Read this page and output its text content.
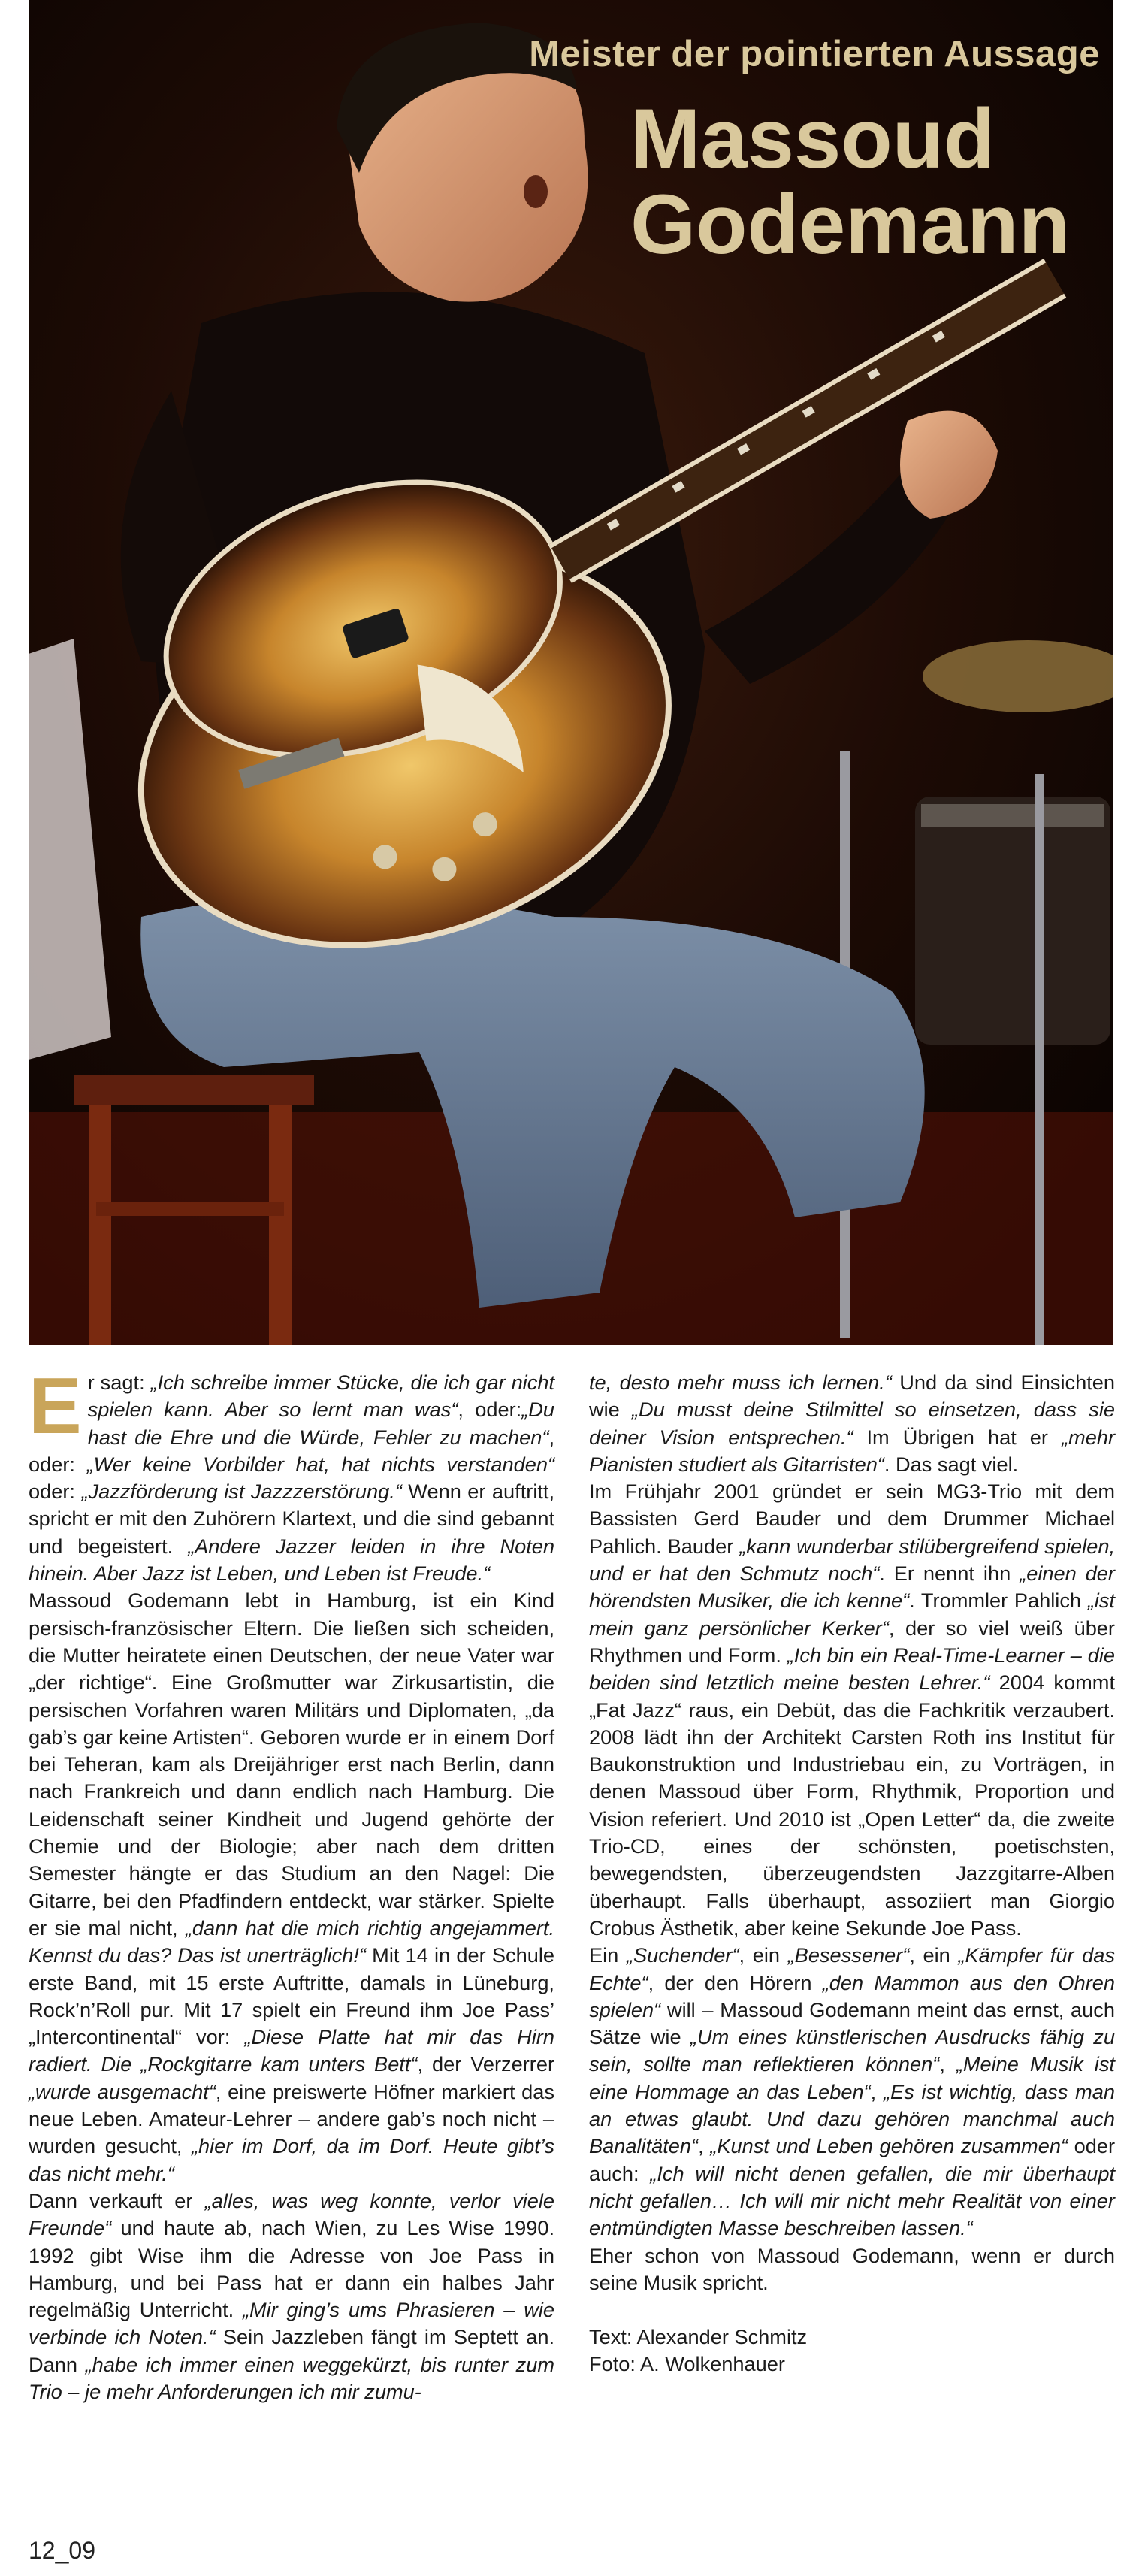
Meister der pointierten Aussage
Massoud
Godemann

Er sagt: „Ich schreibe immer Stücke, die ich gar nicht spielen kann. Aber so lernt man was“, oder:„Du hast die Ehre und die Würde, Fehler zu machen“, oder: „Wer keine Vorbilder hat, hat nichts verstanden“ oder: „Jazzförderung ist Jazzzerstörung.“ Wenn er auftritt, spricht er mit den Zuhörern Klartext, und die sind gebannt und begeistert. „Andere Jazzer leiden in ihre Noten hinein. Aber Jazz ist Leben, und Leben ist Freude.“

Massoud Godemann lebt in Hamburg, ist ein Kind persisch-französischer Eltern. Die ließen sich scheiden, die Mutter heiratete einen Deutschen, der neue Vater war „der richtige“. Eine Großmutter war Zirkusartistin, die persischen Vorfahren waren Militärs und Diplomaten, „da gab’s gar keine Artisten“. Geboren wurde er in einem Dorf bei Teheran, kam als Dreijähriger erst nach Berlin, dann nach Frankreich und dann endlich nach Hamburg. Die Leidenschaft seiner Kindheit und Jugend gehörte der Chemie und der Biologie; aber nach dem dritten Semester hängte er das Studium an den Nagel: Die Gitarre, bei den Pfadfindern entdeckt, war stärker. Spielte er sie mal nicht, „dann hat die mich richtig angejammert. Kennst du das? Das ist unerträglich!“ Mit 14 in der Schule erste Band, mit 15 erste Auftritte, damals in Lüneburg, Rock’n’Roll pur. Mit 17 spielt ein Freund ihm Joe Pass’ „Intercontinental“ vor: „Diese Platte hat mir das Hirn radiert. Die „Rockgitarre kam unters Bett“, der Verzerrer „wurde ausgemacht“, eine preiswerte Höfner markiert das neue Leben. Amateur-Lehrer – andere gab’s noch nicht – wurden gesucht, „hier im Dorf, da im Dorf. Heute gibt’s das nicht mehr.“

Dann verkauft er „alles, was weg konnte, verlor viele Freunde“ und haute ab, nach Wien, zu Les Wise 1990. 1992 gibt Wise ihm die Adresse von Joe Pass in Hamburg, und bei Pass hat er dann ein halbes Jahr regelmäßig Unterricht. „Mir ging’s ums Phrasieren – wie verbinde ich Noten.“ Sein Jazzleben fängt im Septett an. Dann „habe ich immer einen weggekürzt, bis runter zum Trio – je mehr Anforderungen ich mir zumu-

te, desto mehr muss ich lernen.“ Und da sind Einsichten wie „Du musst deine Stilmittel so einsetzen, dass sie deiner Vision entsprechen.“ Im Übrigen hat er „mehr Pianisten studiert als Gitarristen“. Das sagt viel.

Im Frühjahr 2001 gründet er sein MG3-Trio mit dem Bassisten Gerd Bauder und dem Drummer Michael Pahlich. Bauder „kann wunderbar stilübergreifend spielen, und er hat den Schmutz noch“. Er nennt ihn „einen der hörendsten Musiker, die ich kenne“. Trommler Pahlich „ist mein ganz persönlicher Kerker“, der so viel weiß über Rhythmen und Form. „Ich bin ein Real-Time-Learner – die beiden sind letztlich meine besten Lehrer.“ 2004 kommt „Fat Jazz“ raus, ein Debüt, das die Fachkritik verzaubert. 2008 lädt ihn der Architekt Carsten Roth ins Institut für Baukonstruktion und Industriebau ein, zu Vorträgen, in denen Massoud über Form, Rhythmik, Proportion und Vision referiert. Und 2010 ist „Open Letter“ da, die zweite Trio-CD, eines der schönsten, poetischsten, bewegendsten, überzeugendsten Jazzgitarre-Alben überhaupt. Falls überhaupt, assoziiert man Giorgio Crobus Ästhetik, aber keine Sekunde Joe Pass.

Ein „Suchender“, ein „Besessener“, ein „Kämpfer für das Echte“, der den Hörern „den Mammon aus den Ohren spielen“ will – Massoud Godemann meint das ernst, auch Sätze wie „Um eines künstlerischen Ausdrucks fähig zu sein, sollte man reflektieren können“, „Meine Musik ist eine Hommage an das Leben“, „Es ist wichtig, dass man an etwas glaubt. Und dazu gehören manchmal auch Banalitäten“, „Kunst und Leben gehören zusammen“ oder auch: „Ich will nicht denen gefallen, die mir überhaupt nicht gefallen… Ich will mir nicht mehr Realität von einer entmündigten Masse beschreiben lassen.“

Eher schon von Massoud Godemann, wenn er durch seine Musik spricht.

Text: Alexander Schmitz

Foto: A. Wolkenhauer

12_09
